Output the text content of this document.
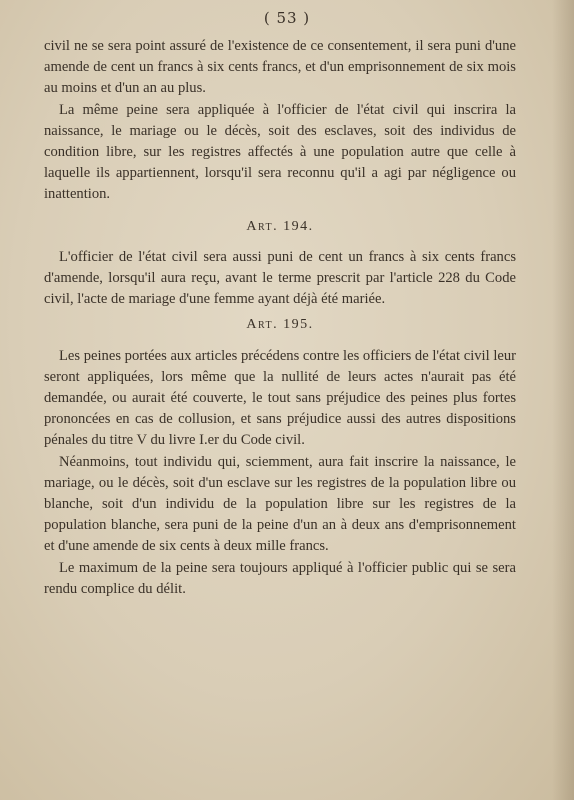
( 53 )

civil ne se sera point assuré de l'existence de ce consentement, il sera puni d'une amende de cent un francs à six cents francs, et d'un emprisonnement de six mois au moins et d'un an au plus.

La même peine sera appliquée à l'officier de l'état civil qui inscrira la naissance, le mariage ou le décès, soit des esclaves, soit des individus de condition libre, sur les registres affectés à une population autre que celle à laquelle ils appartiennent, lorsqu'il sera reconnu qu'il a agi par négligence ou inattention.

Art. 194.

L'officier de l'état civil sera aussi puni de cent un francs à six cents francs d'amende, lorsqu'il aura reçu, avant le terme prescrit par l'article 228 du Code civil, l'acte de mariage d'une femme ayant déjà été mariée.

Art. 195.

Les peines portées aux articles précédens contre les officiers de l'état civil leur seront appliquées, lors même que la nullité de leurs actes n'aurait pas été demandée, ou aurait été couverte, le tout sans préjudice des peines plus fortes prononcées en cas de collusion, et sans préjudice aussi des autres dispositions pénales du titre V du livre I.er du Code civil.

Néanmoins, tout individu qui, sciemment, aura fait inscrire la naissance, le mariage, ou le décès, soit d'un esclave sur les registres de la population libre ou blanche, soit d'un individu de la population libre sur les registres de la population blanche, sera puni de la peine d'un an à deux ans d'emprisonnement et d'une amende de six cents à deux mille francs.

Le maximum de la peine sera toujours appliqué à l'officier public qui se sera rendu complice du délit.
